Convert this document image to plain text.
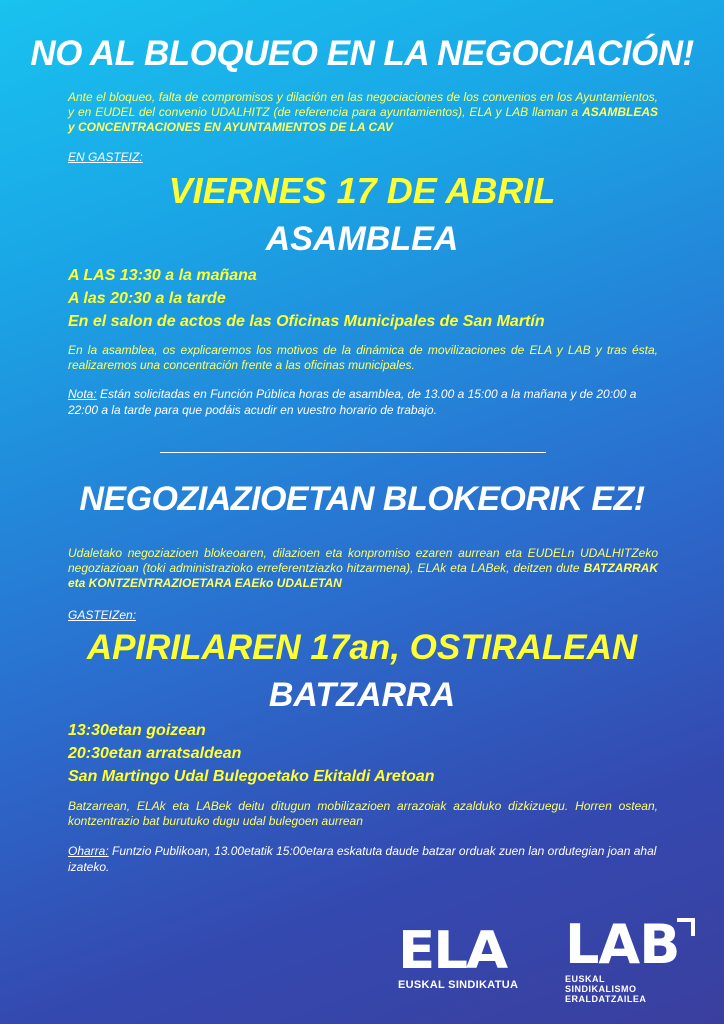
NO AL BLOQUEO EN LA NEGOCIACIÓN!
Ante el bloqueo, falta de compromisos y dilación en las negociaciones de los convenios en los Ayuntamientos, y en EUDEL del convenio UDALHITZ (de referencia para ayuntamientos), ELA y LAB llaman a ASAMBLEAS y CONCENTRACIONES EN AYUNTAMIENTOS DE LA CAV
EN GASTEIZ:
VIERNES 17 DE ABRIL
ASAMBLEA
A LAS 13:30 a la mañana
A las 20:30 a la tarde
En el salon de actos de las Oficinas Municipales de San Martín
En la asamblea, os explicaremos los motivos de la dinámica de movilizaciones de ELA y LAB y tras ésta, realizaremos una concentración frente a las oficinas municipales.
Nota: Están solicitadas en Función Pública horas de asamblea, de 13.00 a 15:00 a la mañana y de 20:00 a 22:00 a la tarde para que podáis acudir en vuestro horario de trabajo.
NEGOZIAZIOETAN BLOKEORIK EZ!
Udaletako negoziazioen blokeoaren, dilazioen eta konpromiso ezaren aurrean eta EUDELn UDALHITZeko negoziazioan (toki administrazioko erreferentziazko hitzarmena), ELAk eta LABek, deitzen dute BATZARRAK eta KONTZENTRAZIOETARA EAEko UDALETAN
GASTEIZen:
APIRILAREN 17an, OSTIRALEAN
BATZARRA
13:30etan goizean
20:30etan arratsaldean
San Martingo Udal Bulegoetako Ekitaldi Aretoan
Batzarrean, ELAk eta LABek deitu ditugun mobilizazioen arrazoiak azalduko dizkizuegu. Horren ostean, kontzentrazio bat burutuko dugu udal bulegoen aurrean
Oharra: Funtzio Publikoan, 13.00etatik 15:00etara eskatuta daude batzar orduak zuen lan ordutegian joan ahal izateko.
ELA
EUSKAL SINDIKATUA
LAB
EUSKAL
SINDIKALISMO
ERALDATZAILEA
